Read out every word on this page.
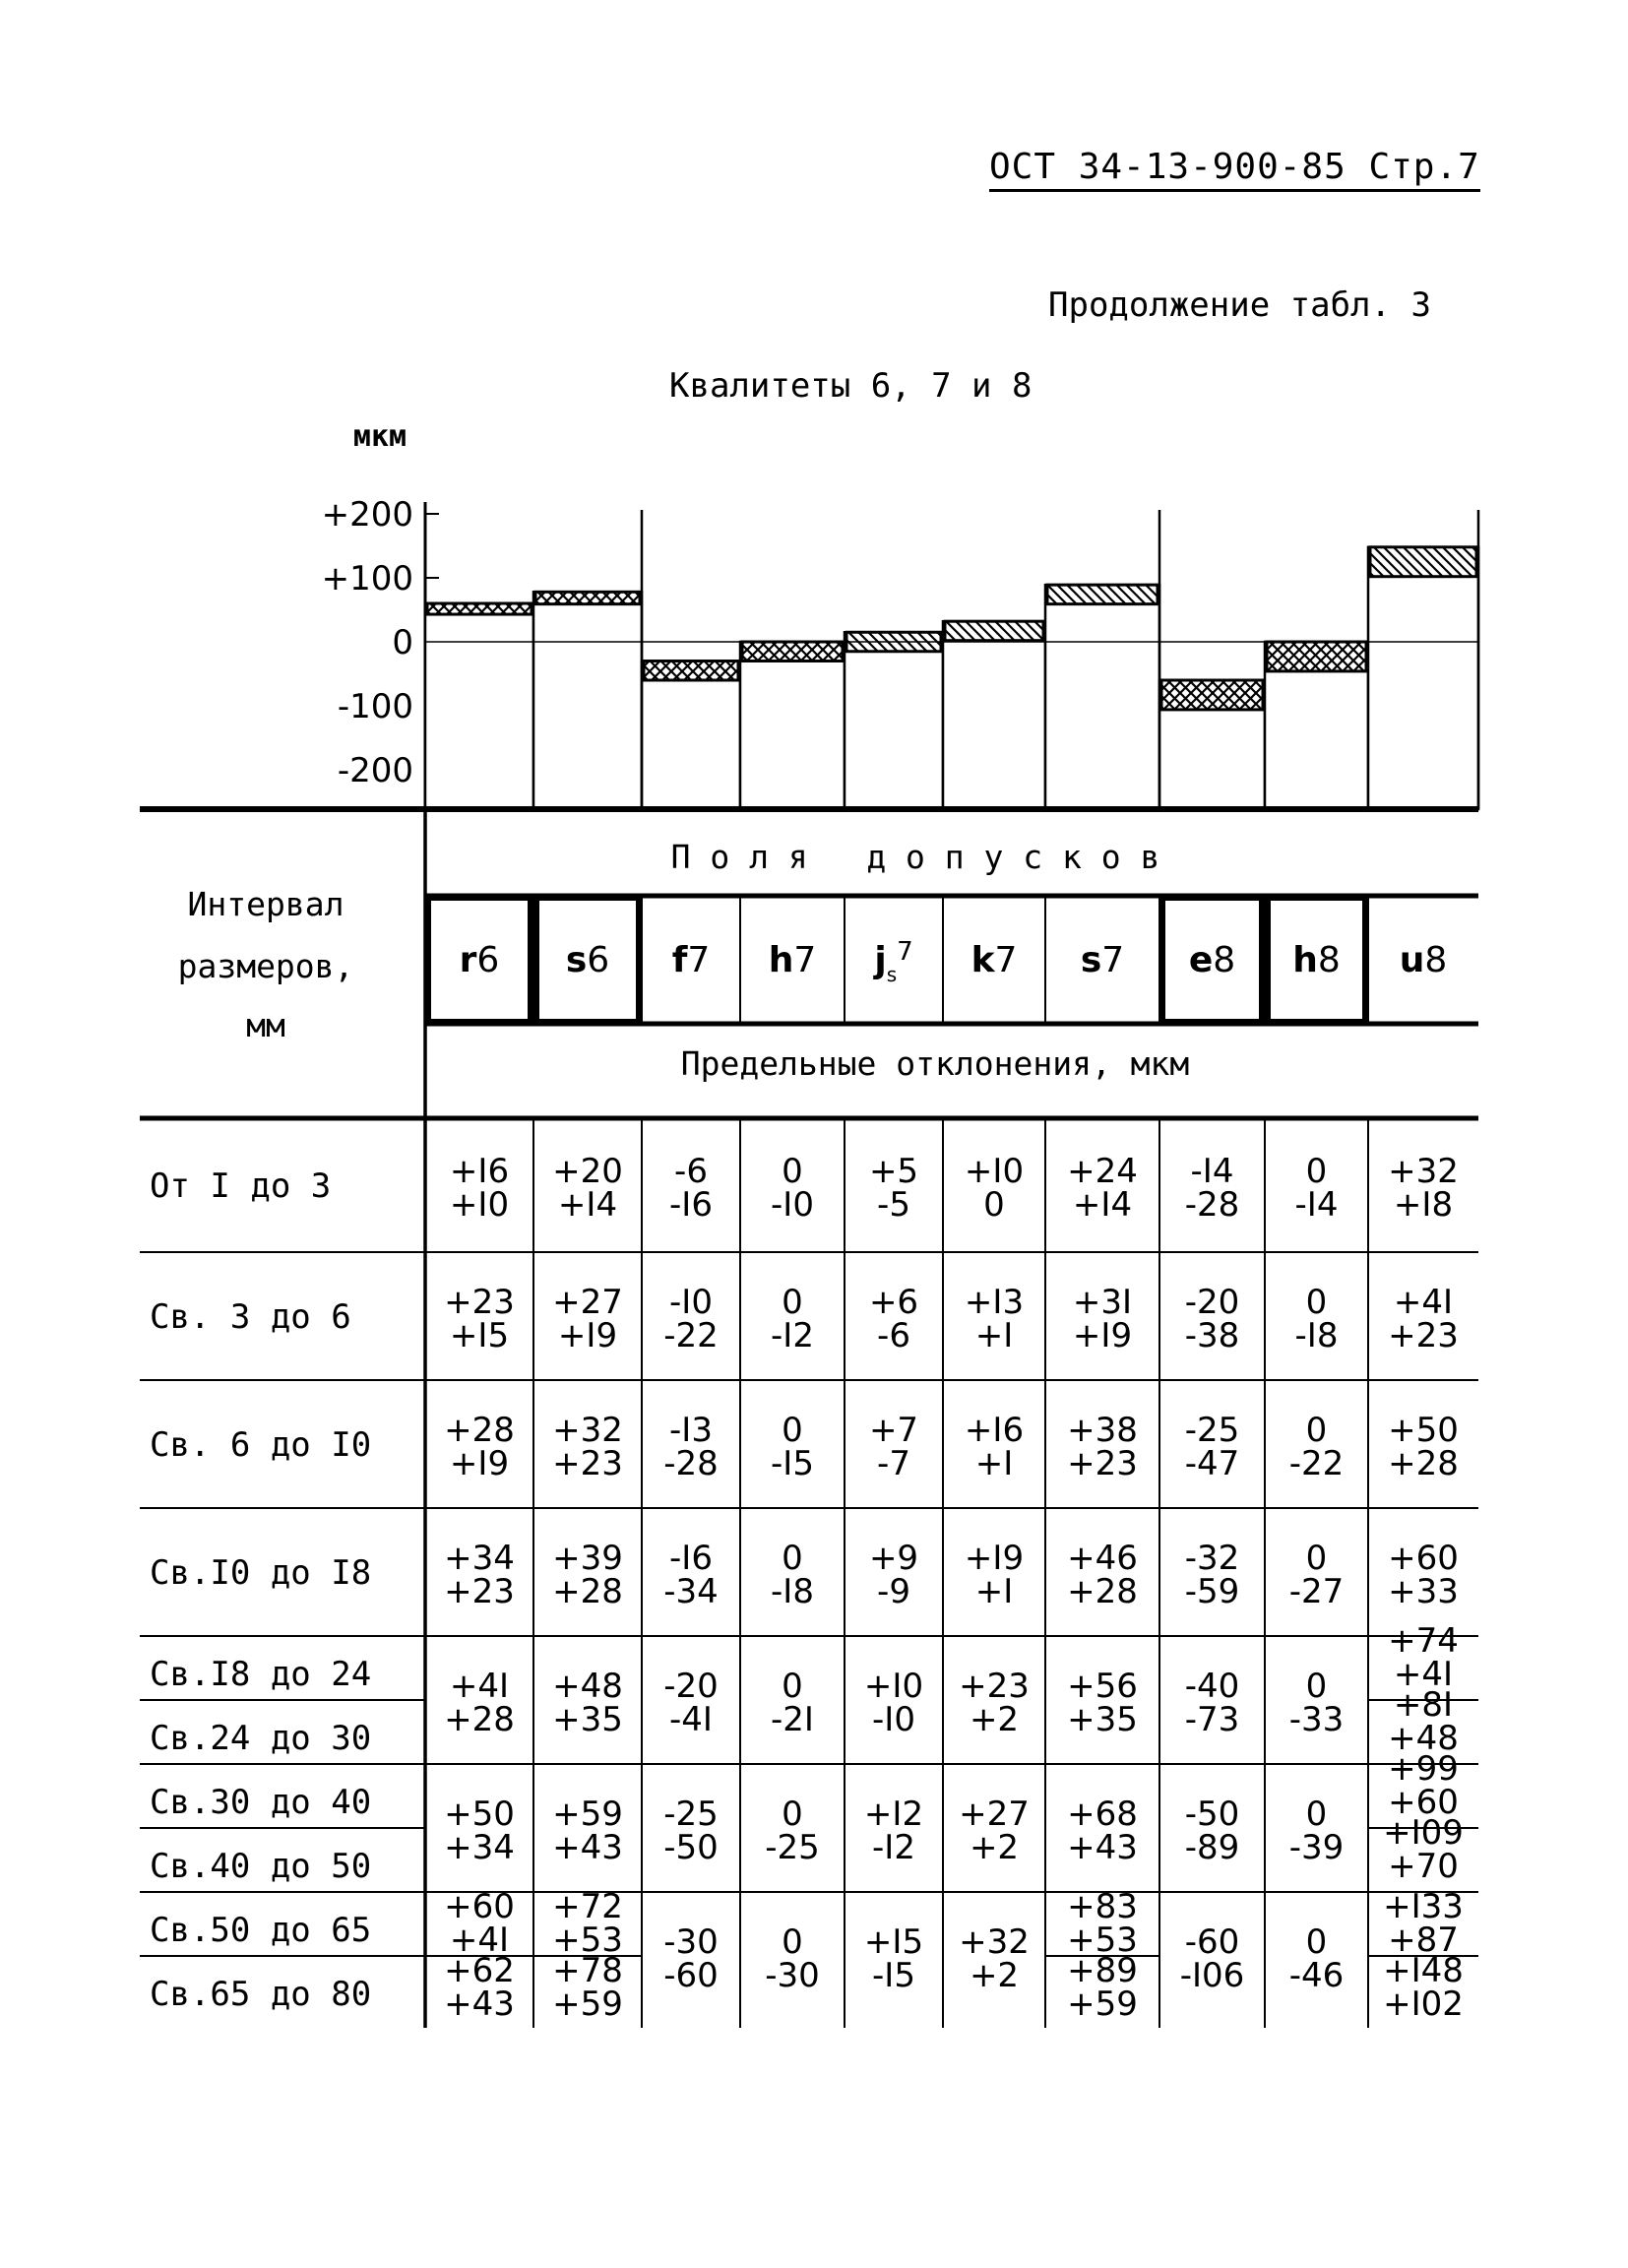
ОСТ 34-13-900-85 Стр.7
Продолжение табл. 3
Квалитеты 6, 7 и 8
мкм
+200
+100
0
-100
-200
Интервал
размеров,
мм
П о л я   д о п у с к о в
Предельные отклонения, мкм
r6 s6 f7 h7 $j_s^7$ k7 s7 e8 h8 u8
От I до 3	+I6
+I0
+20
+I4
-6
-I6
0
-I0
+5
-5
+I0
0
+24
+I4
-I4
-28
0
-I4
+32
+I8
Св. 3 до 6	+23
+I5
+27
+I9
-I0
-22
0
-I2
+6
-6
+I3
+I
+3I
+I9
-20
-38
0
-I8
+4I
+23
Св. 6 до I0 +28
+I9
+32
+23
-I3
-28
0
-I5
+7
-7
+I6
+I
+38
+23
-25
-47
0
-22
+50
+28
Св.I0 до I8 +34
+23
+39
+28
-I6
-34
0
-I8
+9
-9
+I9
+I
+46
+28
-32
-59
0
-27
+60
+33
Св.I8 до 24
Св.24 до 30
+4I
+28
+48
+35
-20
-4I
0
-2I
+I0
-I0
+23
+2
+56
+35
-40
-73
0
-33
+74
+4I
+8I
+48
Св.30 до 40
Св.40 до 50
+50
+34
+59
+43
-25
-50
0
-25
+I2
-I2
+27
+2
+68
+43
-50
-89
0
-39
+99
+60
+I09
+70
Св.50 до 65
Св.65 до 80
+60
+4I
+62
+43
+72
+53
+78
+59
-30
-60
0
-30
+I5
-I5
+32
+2
+83
+53
+89
+59
-60
-I06
0
-46
+I33
+87
+I48
+I02
